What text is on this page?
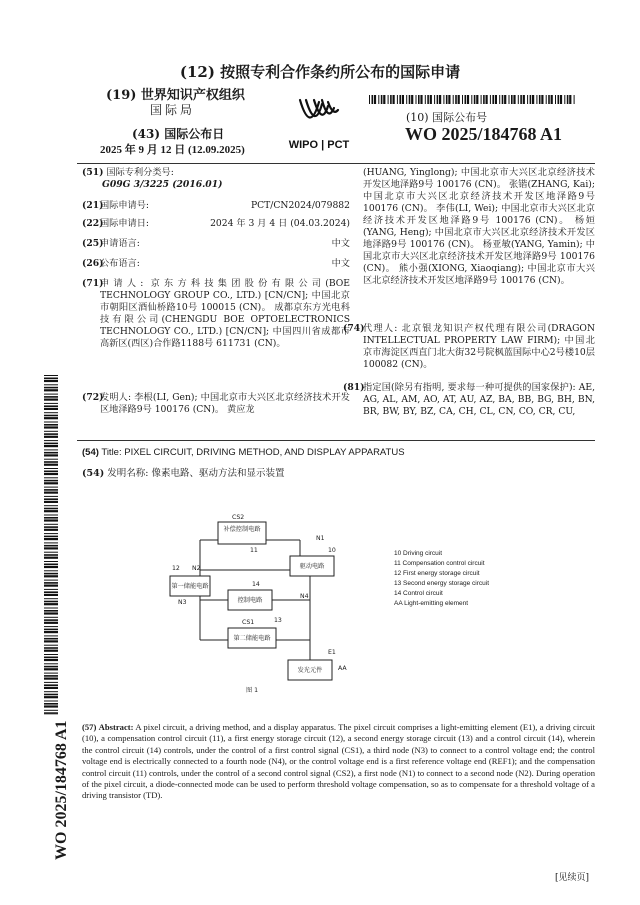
(12) 按照专利合作条约所公布的国际申请
(19) 世界知识产权组织
国际局
(43) 国际公布日
2025 年 9 月 12 日 (12.09.2025)
(10) 国际公布号
WO 2025/184768 A1
WIPO | PCT
(51) 国际专利分类号:
G09G 3/3225 (2016.01)
(21)
国际申请号:	PCT/CN2024/079882
(22)
国际申请日:	2024 年 3 月 4 日 (04.03.2024)
(25)
申请语言:	中文
(26)
公布语言:	中文
(71)
申请人: 京东方科技集团股份有限公司(BOE TECHNOLOGY GROUP CO., LTD.) [CN/CN]; 中国北京市朝阳区酒仙桥路10号 100015 (CN)。 成都京东方光电科技有限公司(CHENGDU BOE OPTOELECTRONICS TECHNOLOGY CO., LTD.) [CN/CN]; 中国四川省成都市高新区(西区)合作路1188号 611731 (CN)。
(72)
发明人: 李根(LI, Gen); 中国北京市大兴区北京经济技术开发区地泽路9号 100176 (CN)。 黄应龙
(HUANG, Yinglong); 中国北京市大兴区北京经济技术开发区地泽路9号 100176 (CN)。 张锴(ZHANG, Kai); 中国北京市大兴区北京经济技术开发区地泽路9号 100176 (CN)。 李伟(LI, Wei); 中国北京市大兴区北京经济技术开发区地泽路9号 100176 (CN)。 杨姮(YANG, Heng); 中国北京市大兴区北京经济技术开发区地泽路9号 100176 (CN)。 杨亚敏(YANG, Yamin); 中国北京市大兴区北京经济技术开发区地泽路9号 100176 (CN)。 熊小强(XIONG, Xiaoqiang); 中国北京市大兴区北京经济技术开发区地泽路9号 100176 (CN)。
(74)
代理人: 北京银龙知识产权代理有限公司(DRAGON INTELLECTUAL PROPERTY LAW FIRM); 中国北京市海淀区西直门北大街32号院枫蓝国际中心2号楼10层 100082 (CN)。
(81)
指定国(除另有指明, 要求每一种可提供的国家保护): AE, AG, AL, AM, AO, AT, AU, AZ, BA, BB, BG, BH, BN, BR, BW, BY, BZ, CA, CH, CL, CN, CO, CR, CU,
(54) Title: PIXEL CIRCUIT, DRIVING METHOD, AND DISPLAY APPARATUS
(54) 发明名称: 像素电路、驱动方法和显示装置
补偿控制电路
驱动电路
第一储能电路
控制电路
第二储能电路
发光元件
CS2
11
N1
10
12 N2
14
N3
N4
CS1	13
E1
AA
图 1
10 Driving circuit
11 Compensation control circuit
12 First energy storage circuit
13 Second energy storage circuit
14 Control circuit
AA Light-emitting element
(57) Abstract: A pixel circuit, a driving method, and a display apparatus. The pixel circuit comprises a light-emitting element (E1), a driving circuit (10), a compensation control circuit (11), a first energy storage circuit (12), a second energy storage circuit (13) and a control circuit (14), wherein the control circuit (14) controls, under the control of a first control signal (CS1), a third node (N3) to connect to a control voltage end; the control voltage end is electrically connected to a fourth node (N4), or the control voltage end is a first reference voltage end (REF1); and the compensation control circuit (11) controls, under the control of a second control signal (CS2), a first node (N1) to connect to a second node (N2). During operation of the pixel circuit, a diode-connected mode can be used to perform threshold voltage compensation, so as to compensate for a threshold voltage of a driving transistor (TD).
[见续页]
WO 2025/184768 A1
